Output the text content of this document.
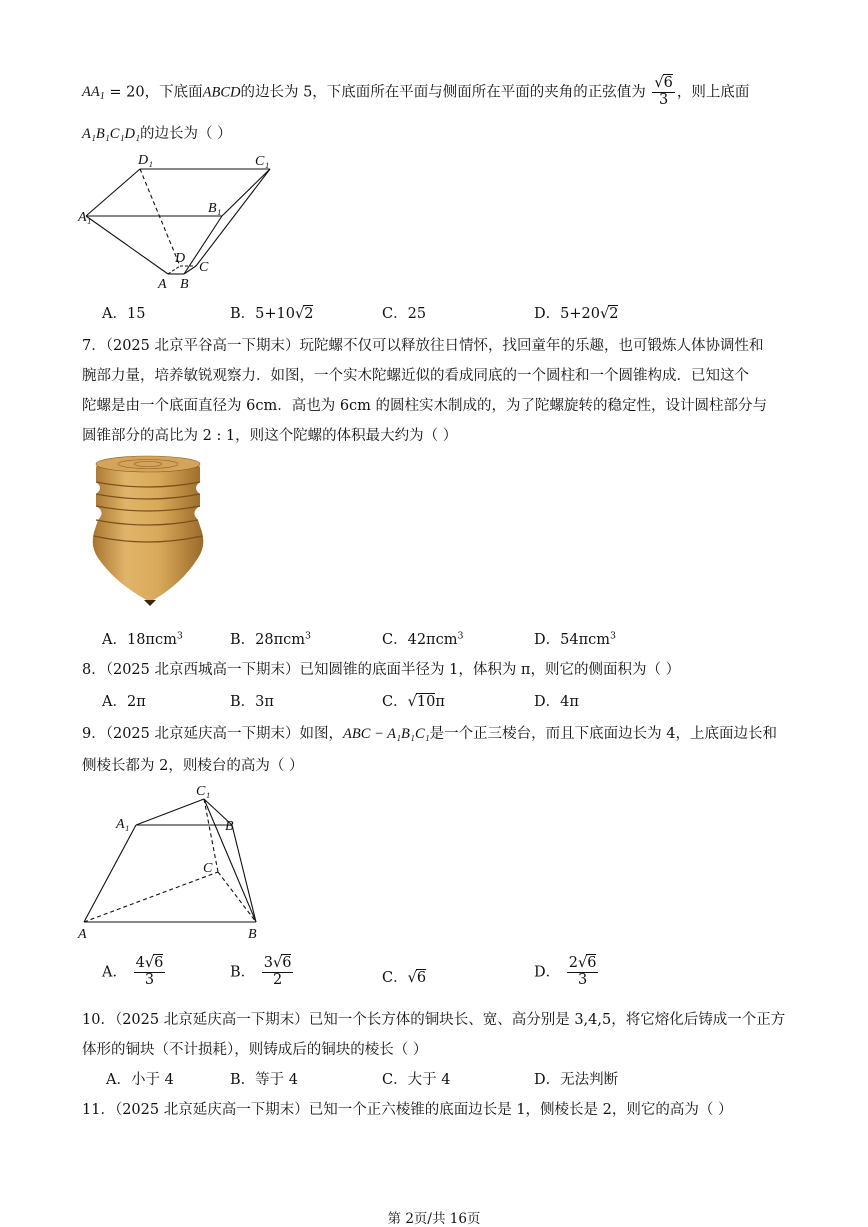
$AA_1 = 20$，下底面ABCD的边长为 5，下底面所在平面与侧面所在平面的夹角的正弦值为 $\frac{√6}{3}$ ，则上底面
A₁B₁C₁D₁的边长为（ ）
D₁	C₁
A₁
B₁
D
C
A B
A．15	B．5+10√2	C．25	D．5+20√2
7．（2025 北京平谷高一下期末）玩陀螺不仅可以释放往日情怀，找回童年的乐趣，也可锻炼人体协调性和
腕部力量，培养敏锐观察力．如图，一个实木陀螺近似的看成同底的一个圆柱和一个圆锥构成．已知这个
陀螺是由一个底面直径为 6cm．高也为 6cm 的圆柱实木制成的，为了陀螺旋转的稳定性，设计圆柱部分与
圆锥部分的高比为 2 : 1，则这个陀螺的体积最大约为（ ）
A．18πcm$^3$	B．28πcm$^3$	C．42πcm$^3$	D．54πcm$^3$
8．（2025 北京西城高一下期末）已知圆锥的底面半径为 1，体积为 π，则它的侧面积为（ ）
A．2π	B．3π	C．√10π	D．4π
9．（2025 北京延庆高一下期末）如图，ABC − A₁B₁C₁是一个正三棱台，而且下底面边长为 4，上底面边长和
侧棱长都为 2，则棱台的高为（ ）
C₁
A₁	B
C
A	B
A． $\frac{4√6}{3}$	B． $\frac{3√6}{2}$	C．√6	D． $\frac{2√6}{3}$
10．（2025 北京延庆高一下期末）已知一个长方体的铜块长、宽、高分别是 3,4,5，将它熔化后铸成一个正方
体形的铜块（不计损耗），则铸成后的铜块的棱长（ ）
A．小于 4	B．等于 4	C．大于 4	D．无法判断
11．（2025 北京延庆高一下期末）已知一个正六棱锥的底面边长是 1，侧棱长是 2，则它的高为（ ）
第 2页/共 16页
